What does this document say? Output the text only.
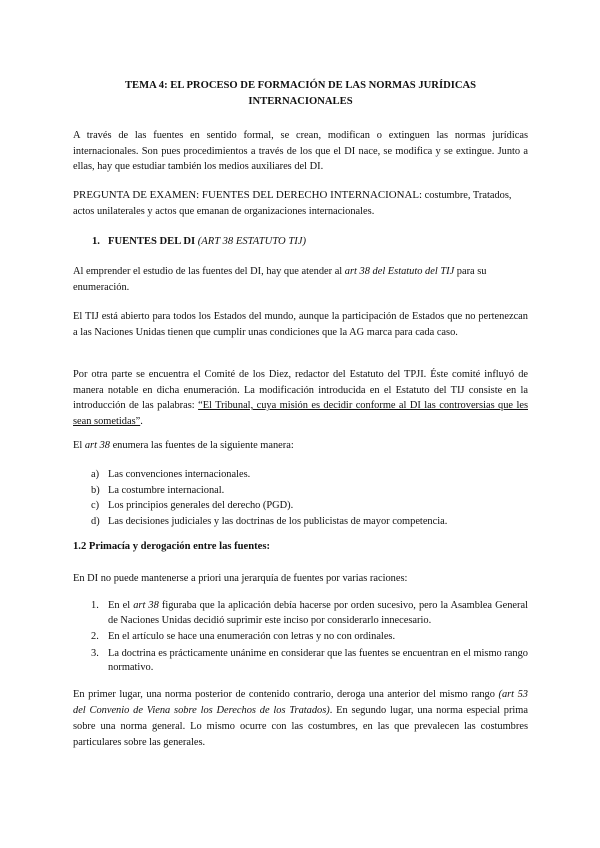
TEMA 4: EL PROCESO DE FORMACIÓN DE LAS NORMAS JURÍDICAS
INTERNACIONALES

A través de las fuentes en sentido formal, se crean, modifican o extinguen las normas jurídicas internacionales. Son pues procedimientos a través de los que el DI nace, se modifica y se extingue. Junto a ellas, hay que estudiar también los medios auxiliares del DI.

PREGUNTA DE EXAMEN: FUENTES DEL DERECHO INTERNACIONAL: costumbre, Tratados, actos unilaterales y actos que emanan de organizaciones internacionales.

1. FUENTES DEL DI (ART 38 ESTATUTO TIJ)

Al emprender el estudio de las fuentes del DI, hay que atender al art 38 del Estatuto del TIJ para su enumeración.

El TIJ está abierto para todos los Estados del mundo, aunque la participación de Estados que no pertenezcan a las Naciones Unidas tienen que cumplir unas condiciones que la AG marca para cada caso.

Por otra parte se encuentra el Comité de los Diez, redactor del Estatuto del TPJI. Éste comité influyó de manera notable en dicha enumeración. La modificación introducida en el Estatuto del TIJ consiste en la introducción de las palabras: “El Tribunal, cuya misión es decidir conforme al DI las controversias que les sean sometidas”.

El art 38 enumera las fuentes de la siguiente manera:

a) Las convenciones internacionales.
b) La costumbre internacional.
c) Los principios generales del derecho (PGD).
d) Las decisiones judiciales y las doctrinas de los publicistas de mayor competencia.
1.2 Primacía y derogación entre las fuentes:

En DI no puede mantenerse a priori una jerarquía de fuentes por varias raciones:

1. En el art 38 figuraba que la aplicación debía hacerse por orden sucesivo, pero la Asamblea General de Naciones Unidas decidió suprimir este inciso por considerarlo innecesario.
2. En el artículo se hace una enumeración con letras y no con ordinales.
3. La doctrina es prácticamente unánime en considerar que las fuentes se encuentran en el mismo rango normativo.

En primer lugar, una norma posterior de contenido contrario, deroga una anterior del mismo rango (art 53 del Convenio de Viena sobre los Derechos de los Tratados). En segundo lugar, una norma especial prima sobre una norma general. Lo mismo ocurre con las costumbres, en las que prevalecen las costumbres particulares sobre las generales.
